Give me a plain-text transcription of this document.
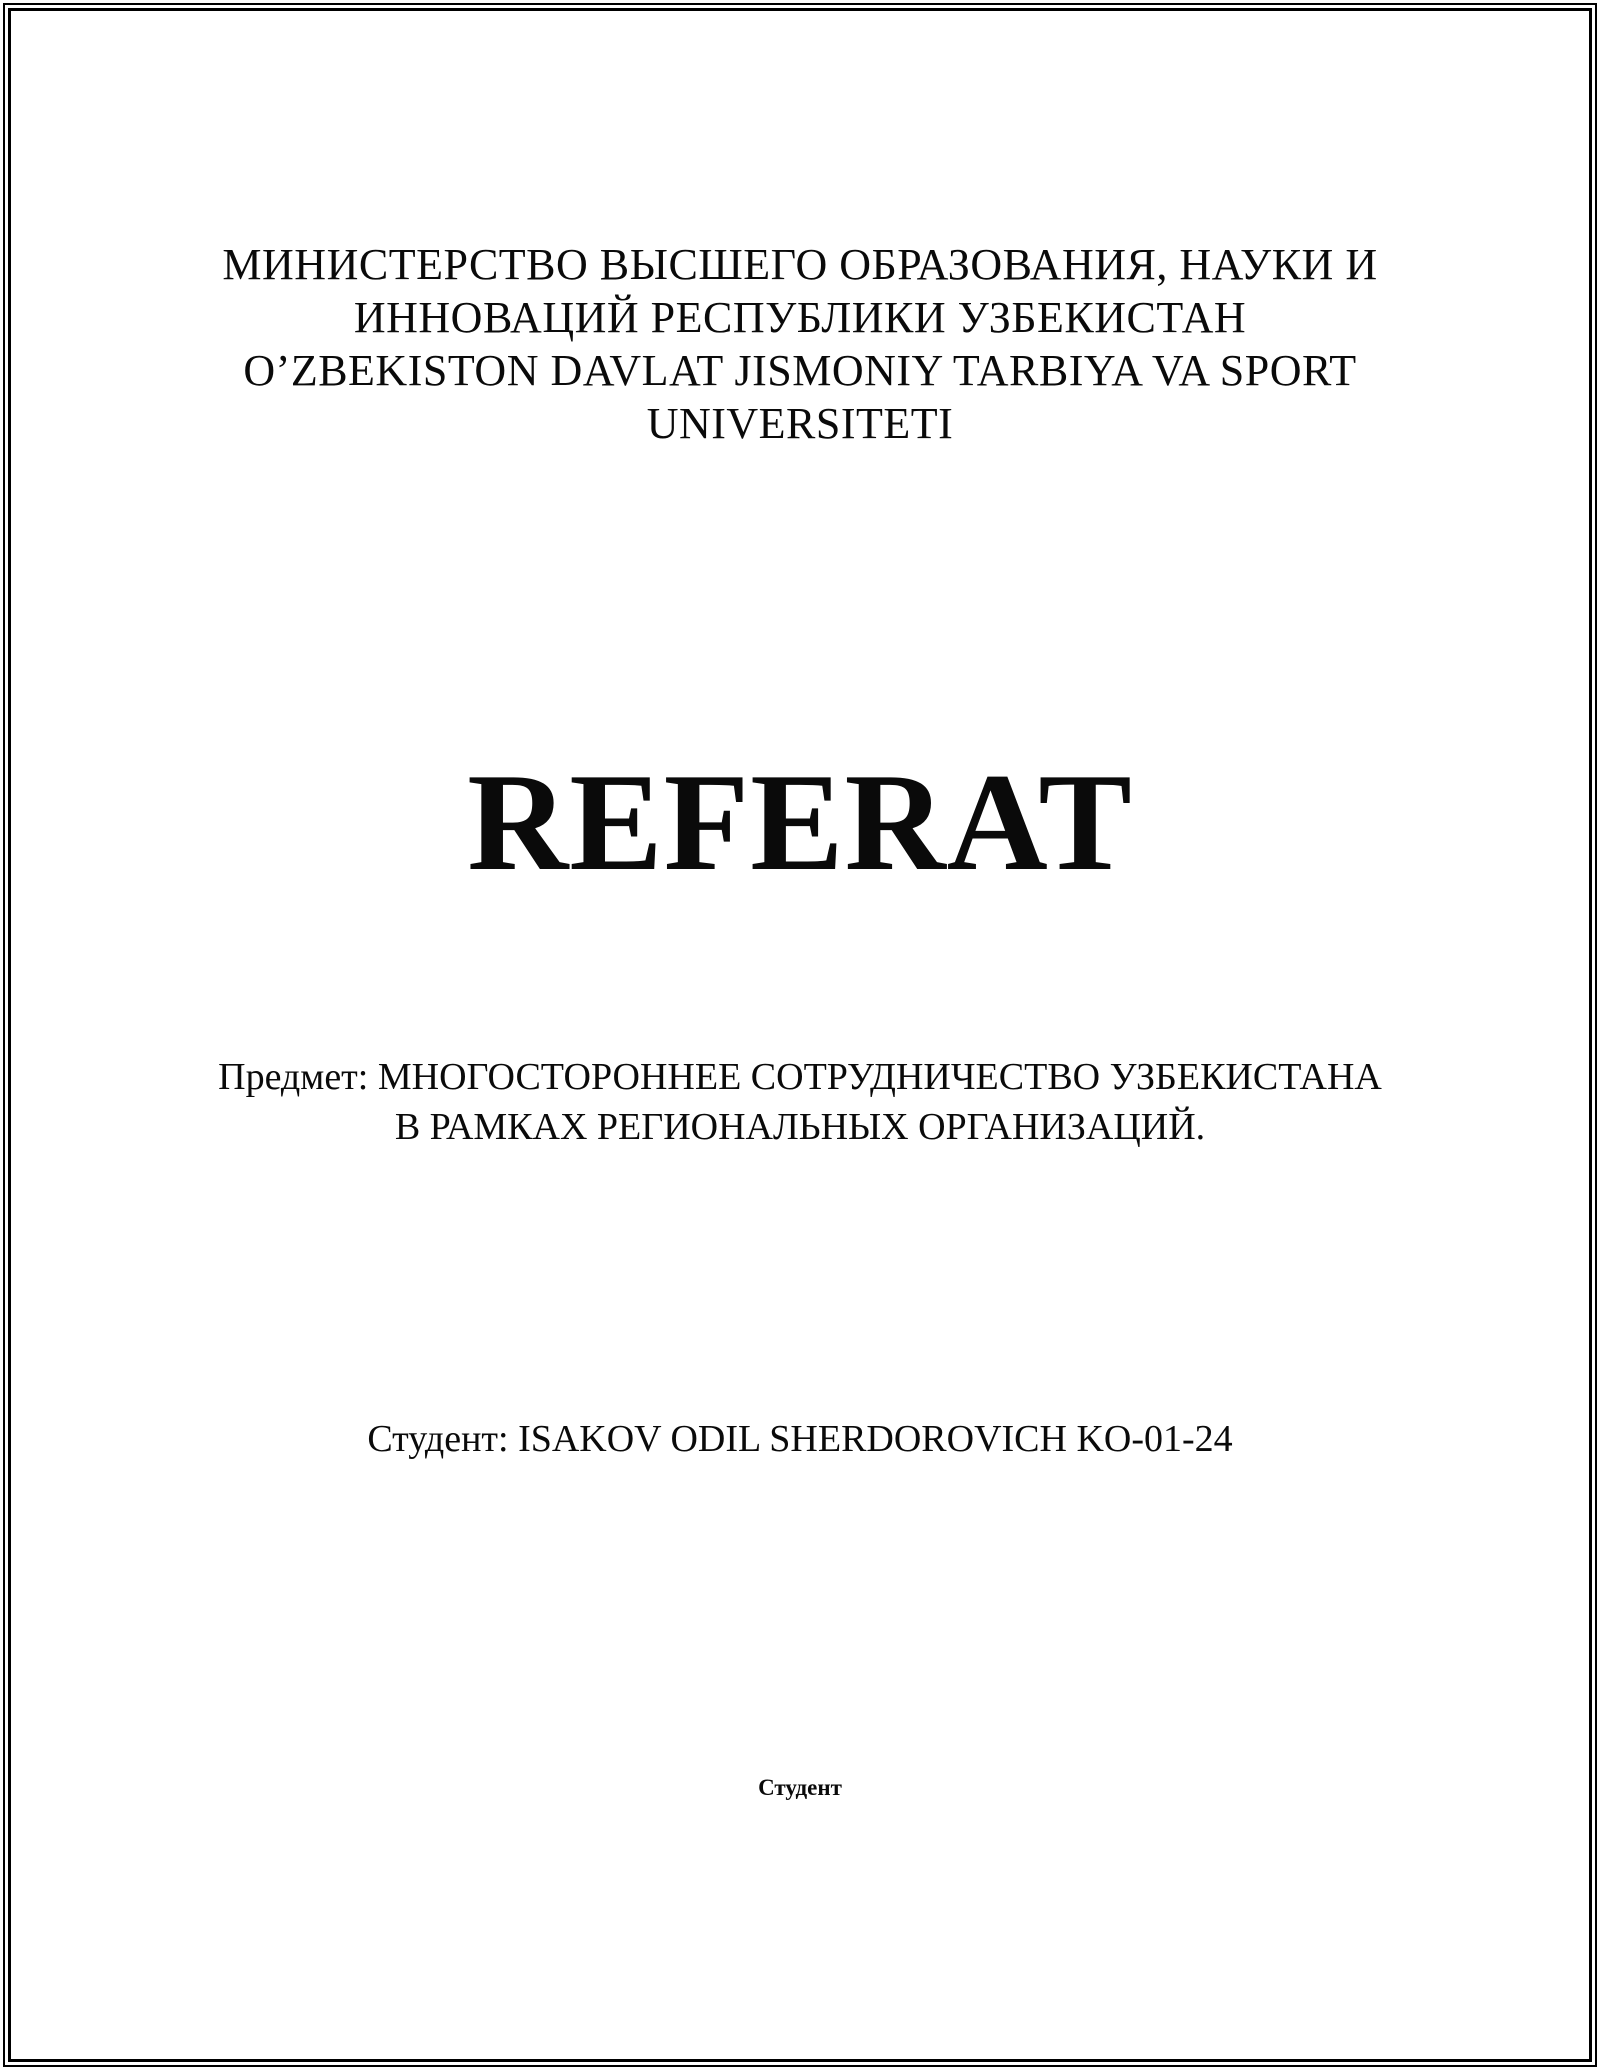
МИНИСТЕРСТВО ВЫСШЕГО ОБРАЗОВАНИЯ, НАУКИ И
ИННОВАЦИЙ РЕСПУБЛИКИ УЗБЕКИСТАН
O’ZBEKISTON DAVLAT JISMONIY TARBIYA VA SPORT
UNIVERSITETI
REFERAT
Предмет: МНОГОСТОРОННЕЕ СОТРУДНИЧЕСТВО УЗБЕКИСТАНА
В РАМКАХ РЕГИОНАЛЬНЫХ ОРГАНИЗАЦИЙ.
Студент: ISAKOV ODIL SHERDOROVICH KO-01-24
Студент
